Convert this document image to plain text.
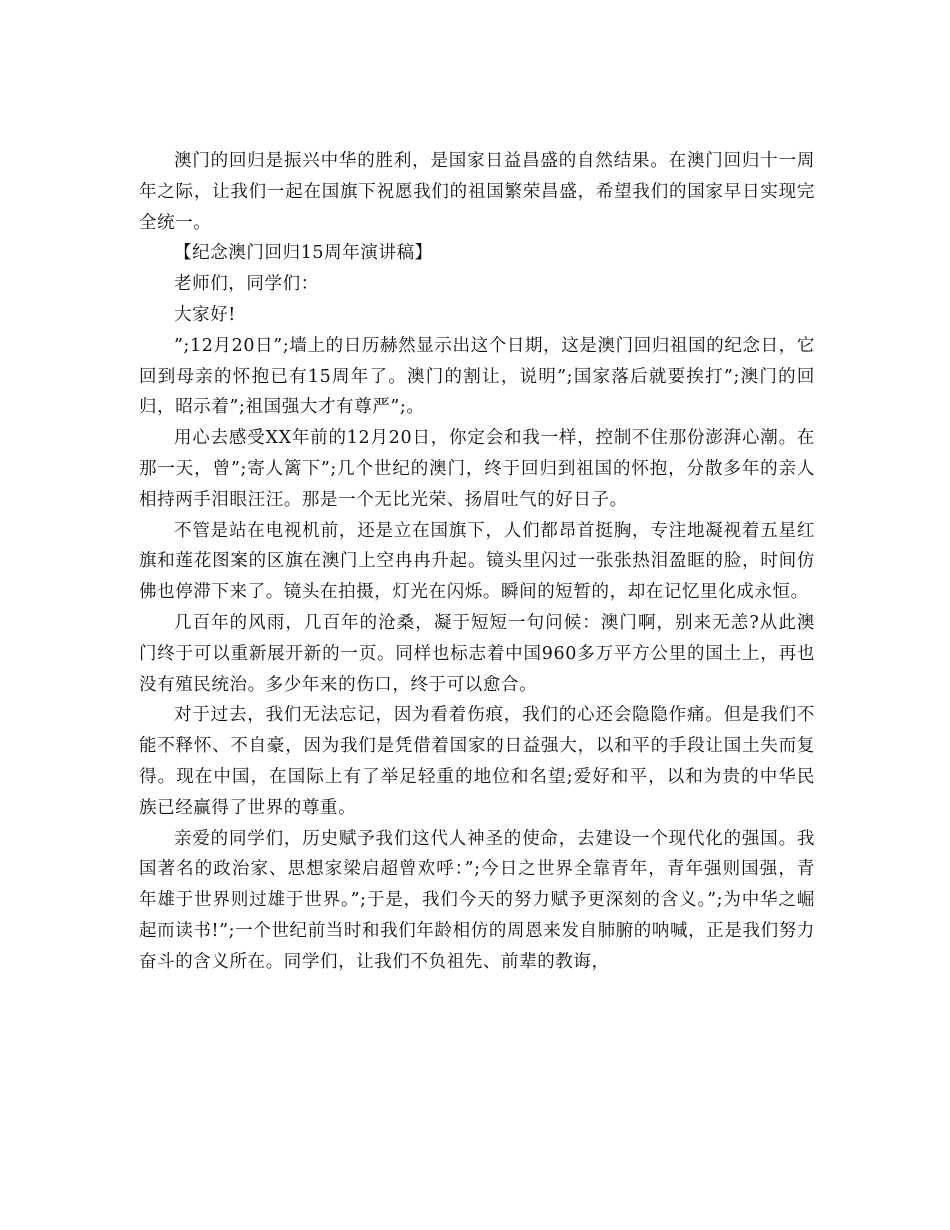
澳门的回归是振兴中华的胜利，是国家日益昌盛的自然结果。在澳门回归十一周年之际，让我们一起在国旗下祝愿我们的祖国繁荣昌盛，希望我们的国家早日实现完全统一。

【纪念澳门回归15周年演讲稿】

老师们，同学们：

大家好!

”;12月20日”;墙上的日历赫然显示出这个日期，这是澳门回归祖国的纪念日，它回到母亲的怀抱已有15周年了。澳门的割让，说明”;国家落后就要挨打”;澳门的回归，昭示着”;祖国强大才有尊严”;。

用心去感受XX年前的12月20日，你定会和我一样，控制不住那份澎湃心潮。在那一天，曾”;寄人篱下”;几个世纪的澳门，终于回归到祖国的怀抱，分散多年的亲人相持两手泪眼汪汪。那是一个无比光荣、扬眉吐气的好日子。

不管是站在电视机前，还是立在国旗下，人们都昂首挺胸，专注地凝视着五星红旗和莲花图案的区旗在澳门上空冉冉升起。镜头里闪过一张张热泪盈眶的脸，时间仿佛也停滞下来了。镜头在拍摄，灯光在闪烁。瞬间的短暂的，却在记忆里化成永恒。

几百年的风雨，几百年的沧桑，凝于短短一句问候：澳门啊，别来无恙?从此澳门终于可以重新展开新的一页。同样也标志着中国960多万平方公里的国土上，再也没有殖民统治。多少年来的伤口，终于可以愈合。

对于过去，我们无法忘记，因为看着伤痕，我们的心还会隐隐作痛。但是我们不能不释怀、不自豪，因为我们是凭借着国家的日益强大，以和平的手段让国土失而复得。现在中国，在国际上有了举足轻重的地位和名望;爱好和平，以和为贵的中华民族已经赢得了世界的尊重。

亲爱的同学们，历史赋予我们这代人神圣的使命，去建设一个现代化的强国。我国著名的政治家、思想家梁启超曾欢呼：”;今日之世界全靠青年，青年强则国强，青年雄于世界则过雄于世界。”;于是，我们今天的努力赋予更深刻的含义。”;为中华之崛起而读书!”;一个世纪前当时和我们年龄相仿的周恩来发自肺腑的呐喊，正是我们努力奋斗的含义所在。同学们，让我们不负祖先、前辈的教诲，
